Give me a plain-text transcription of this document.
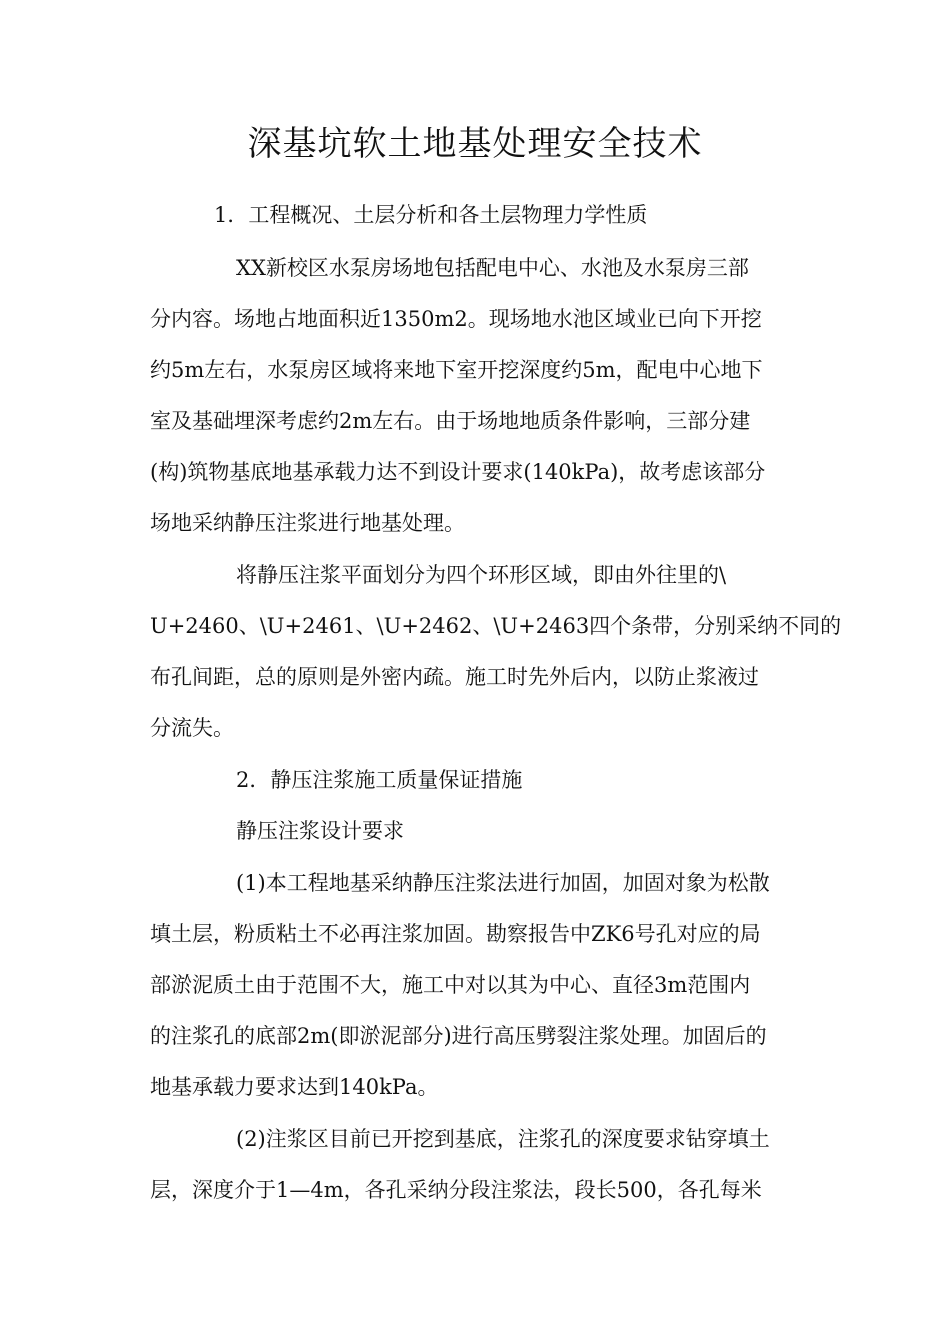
深基坑软土地基处理安全技术
1．工程概况、土层分析和各土层物理力学性质
XX新校区水泵房场地包括配电中心、水池及水泵房三部
分内容。场地占地面积近1350m2。现场地水池区域业已向下开挖
约5m左右，水泵房区域将来地下室开挖深度约5m，配电中心地下
室及基础埋深考虑约2m左右。由于场地地质条件影响，三部分建
(构)筑物基底地基承载力达不到设计要求(140kPa)，故考虑该部分
场地采纳静压注浆进行地基处理。
将静压注浆平面划分为四个环形区域，即由外往里的\
U+2460、\U+2461、\U+2462、\U+2463四个条带，分别采纳不同的
布孔间距，总的原则是外密内疏。施工时先外后内，以防止浆液过
分流失。
2．静压注浆施工质量保证措施
静压注浆设计要求
(1)本工程地基采纳静压注浆法进行加固，加固对象为松散
填土层，粉质粘土不必再注浆加固。勘察报告中ZK6号孔对应的局
部淤泥质土由于范围不大，施工中对以其为中心、直径3m范围内
的注浆孔的底部2m(即淤泥部分)进行高压劈裂注浆处理。加固后的
地基承载力要求达到140kPa。
(2)注浆区目前已开挖到基底，注浆孔的深度要求钻穿填土
层，深度介于1—4m，各孔采纳分段注浆法，段长500，各孔每米
